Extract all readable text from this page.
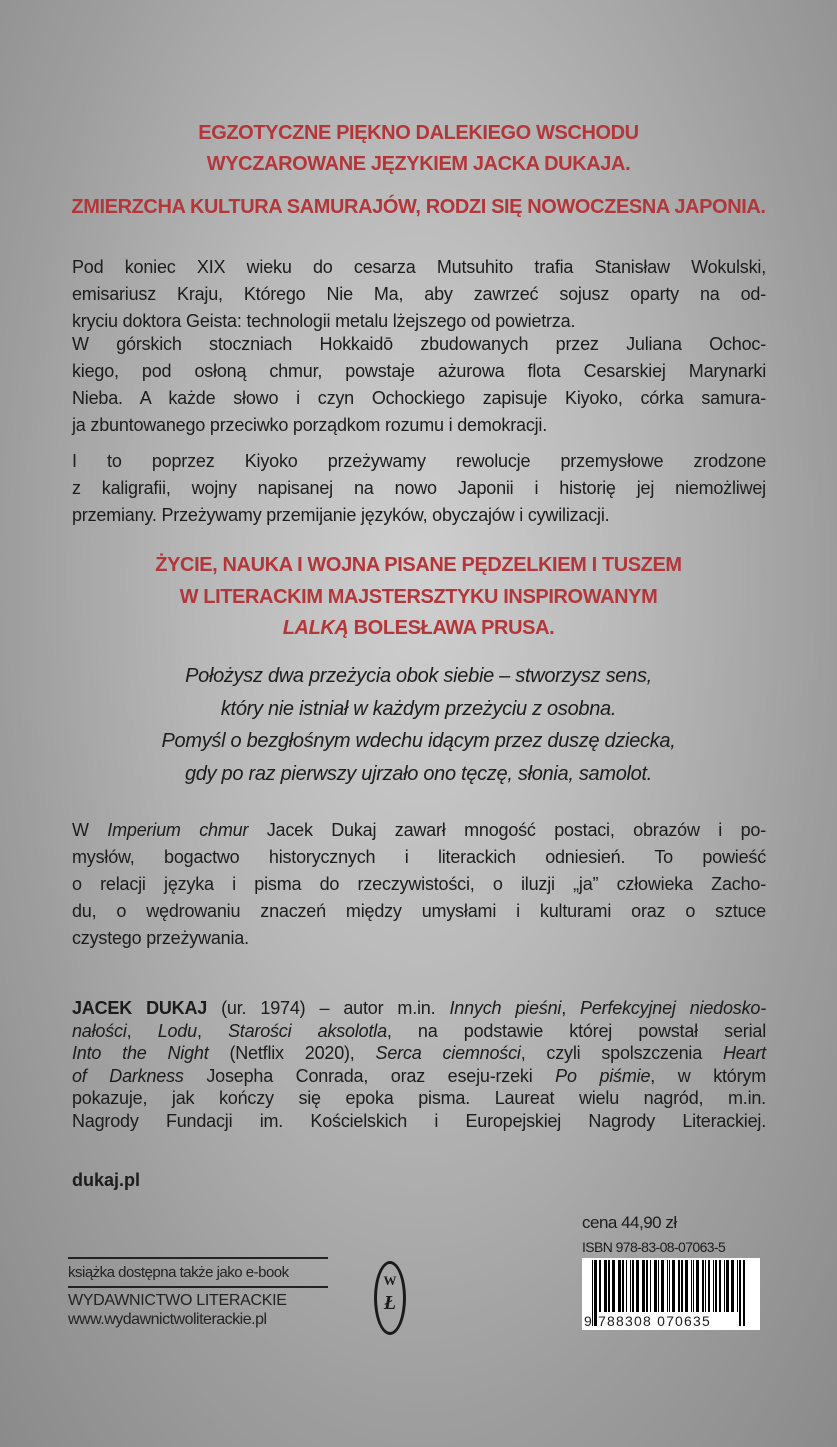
EGZOTYCZNE PIĘKNO DALEKIEGO WSCHODU
WYCZAROWANE JĘZYKIEM JACKA DUKAJA.
ZMIERZCHA KULTURA SAMURAJÓW, RODZI SIĘ NOWOCZESNA JAPONIA.
Pod koniec XIX wieku do cesarza Mutsuhito trafia Stanisław Wokulski,
emisariusz Kraju, Którego Nie Ma, aby zawrzeć sojusz oparty na od-
kryciu doktora Geista: technologii metalu lżejszego od powietrza.
W górskich stoczniach Hokkaidō zbudowanych przez Juliana Ochoc-
kiego, pod osłoną chmur, powstaje ażurowa flota Cesarskiej Marynarki
Nieba. A każde słowo i czyn Ochockiego zapisuje Kiyoko, córka samura-
ja zbuntowanego przeciwko porządkom rozumu i demokracji.
I to poprzez Kiyoko przeżywamy rewolucje przemysłowe zrodzone
z kaligrafii, wojny napisanej na nowo Japonii i historię jej niemożliwej
przemiany. Przeżywamy przemijanie języków, obyczajów i cywilizacji.
ŻYCIE, NAUKA I WOJNA PISANE PĘDZELKIEM I TUSZEM
W LITERACKIM MAJSTERSZTYKU INSPIROWANYM
LALKĄ BOLESŁAWA PRUSA.
Położysz dwa przeżycia obok siebie – stworzysz sens,
który nie istniał w każdym przeżyciu z osobna.
Pomyśl o bezgłośnym wdechu idącym przez duszę dziecka,
gdy po raz pierwszy ujrzało ono tęczę, słonia, samolot.
W Imperium chmur Jacek Dukaj zawarł mnogość postaci, obrazów i po-
mysłów, bogactwo historycznych i literackich odniesień. To powieść
o relacji języka i pisma do rzeczywistości, o iluzji „ja” człowieka Zacho-
du, o wędrowaniu znaczeń między umysłami i kulturami oraz o sztuce
czystego przeżywania.
JACEK DUKAJ (ur. 1974) – autor m.in. Innych pieśni, Perfekcyjnej niedosko-
nałości, Lodu, Starości aksolotla, na podstawie której powstał serial
Into the Night (Netflix 2020), Serca ciemności, czyli spolszczenia Heart
of Darkness Josepha Conrada, oraz eseju-rzeki Po piśmie, w którym
pokazuje, jak kończy się epoka pisma. Laureat wielu nagród, m.in.
Nagrody Fundacji im. Kościelskich i Europejskiej Nagrody Literackiej.
dukaj.pl
książka dostępna także jako e-book
WYDAWNICTWO LITERACKIE
www.wydawnictwoliterackie.pl
W
Ł
cena 44,90 zł
ISBN 978-83-08-07063-5
9 788308 070635
